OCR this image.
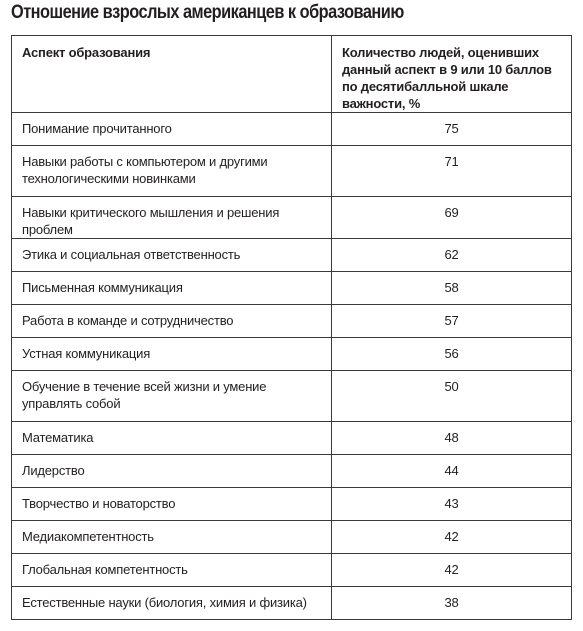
Отношение взрослых американцев к образованию
Аспект образования	Количество людей, оценивших данный аспект в 9 или 10 баллов по десятибалльной шкале важности, %
Понимание прочитанного	75
Навыки работы с компьютером и другими технологическими новинками	71
Навыки критического мышления и решения проблем	69
Этика и социальная ответственность	62
Письменная коммуникация	58
Работа в команде и сотрудничество	57
Устная коммуникация	56
Обучение в течение всей жизни и умение управлять собой	50
Математика	48
Лидерство	44
Творчество и новаторство	43
Медиакомпетентность	42
Глобальная компетентность	42
Естественные науки (биология, химия и физика)	38
